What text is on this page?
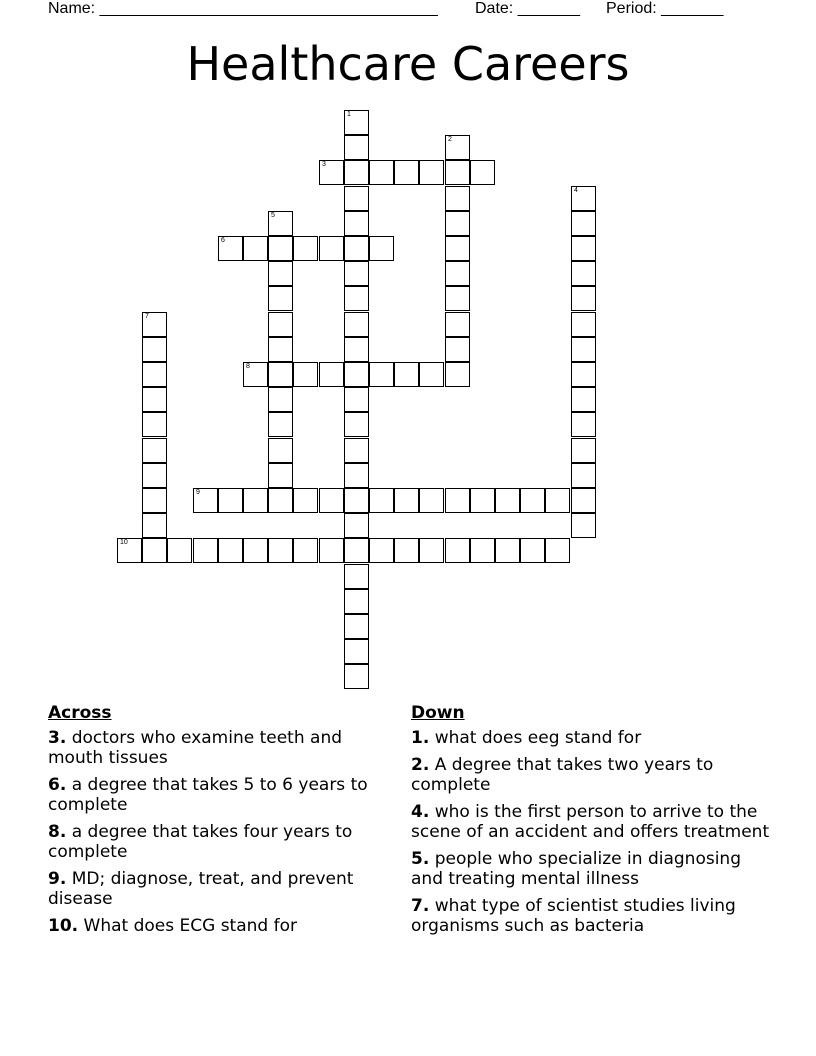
Name: ______________________________________

Date: _______

Period: _______

Healthcare Careers
1
2
3
4
5
6
7
8
9
10
Across
3. doctors who examine teeth and mouth tissues
6. a degree that takes 5 to 6 years to complete
8. a degree that takes four years to complete
9. MD; diagnose, treat, and prevent disease
10. What does ECG stand for
Down
1. what does eeg stand for
2. A degree that takes two years to complete
4. who is the first person to arrive to the scene of an accident and offers treatment
5. people who specialize in diagnosing and treating mental illness
7. what type of scientist studies living organisms such as bacteria
